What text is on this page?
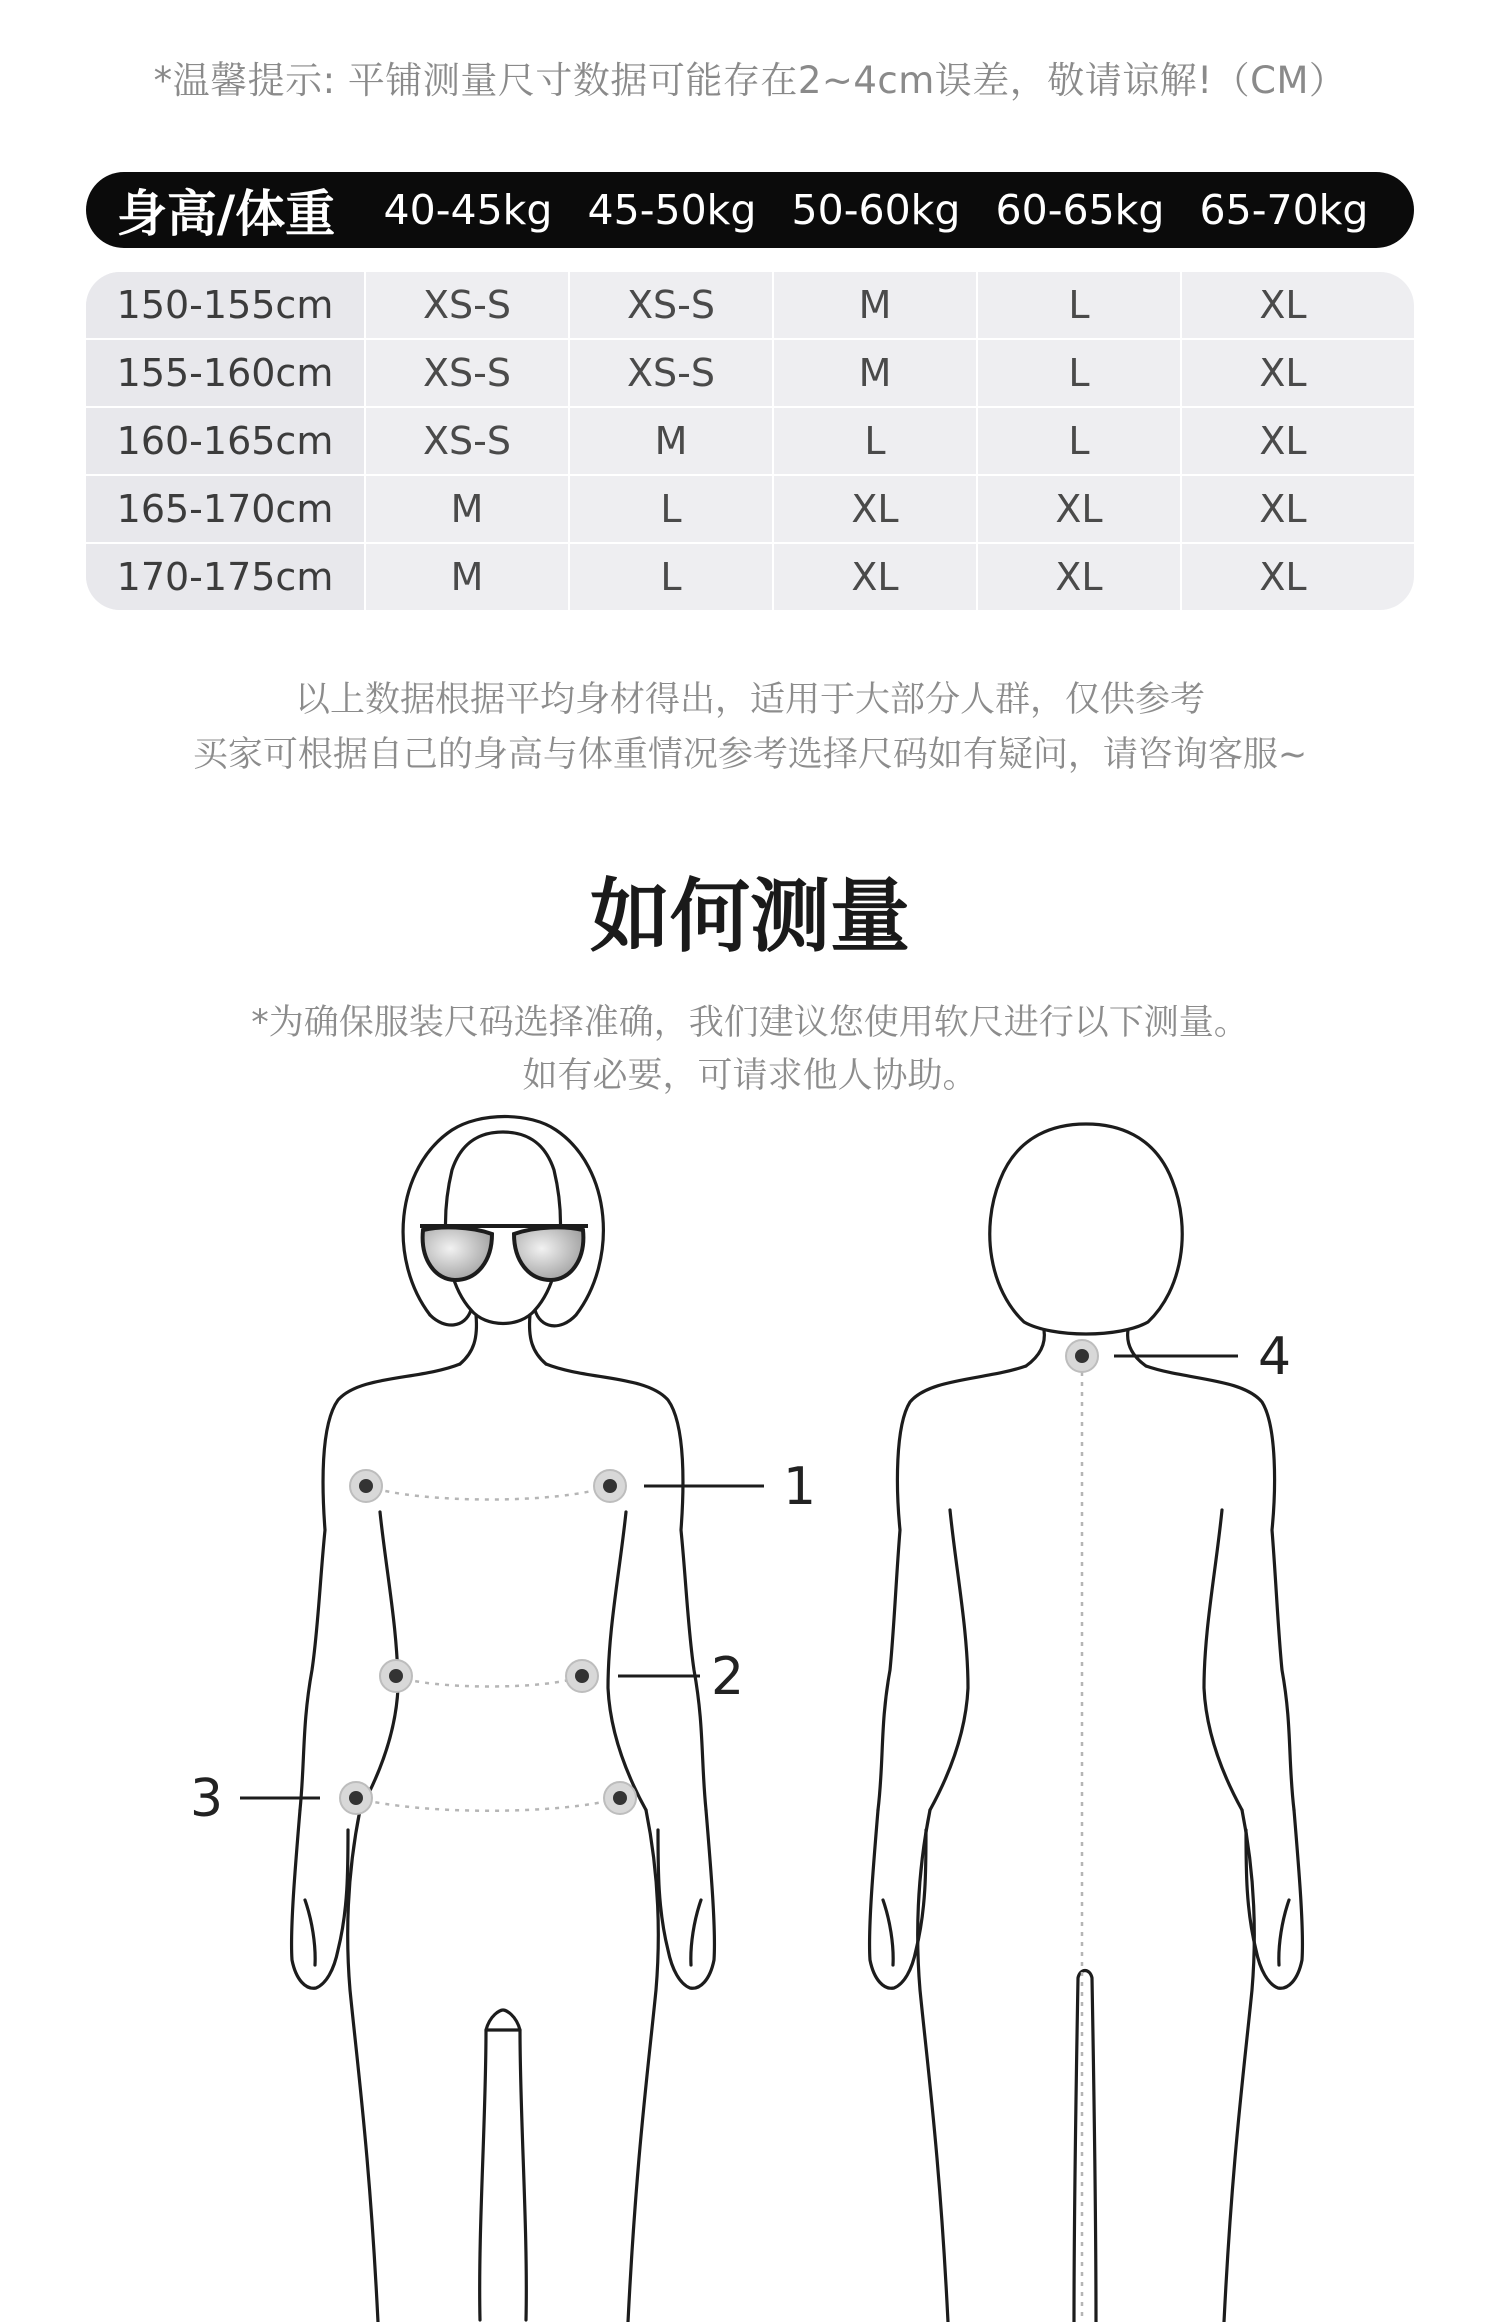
*温馨提示: 平铺测量尺寸数据可能存在2~4cm误差，敬请谅解!（CM）
身高/体重	40-45kg 45-50kg 50-60kg 60-65kg 65-70kg
150-155cm	XS-S	XS-S	M	L	XL
155-160cm	XS-S	XS-S	M	L	XL
160-165cm	XS-S	M	L	L	XL
165-170cm	M	L	XL	XL	XL
170-175cm	M	L	XL	XL	XL
以上数据根据平均身材得出，适用于大部分人群，仅供参考
买家可根据自己的身高与体重情况参考选择尺码如有疑问，请咨询客服~
如何测量
*为确保服装尺码选择准确，我们建议您使用软尺进行以下测量。
如有必要，可请求他人协助。
1
2
3
4
